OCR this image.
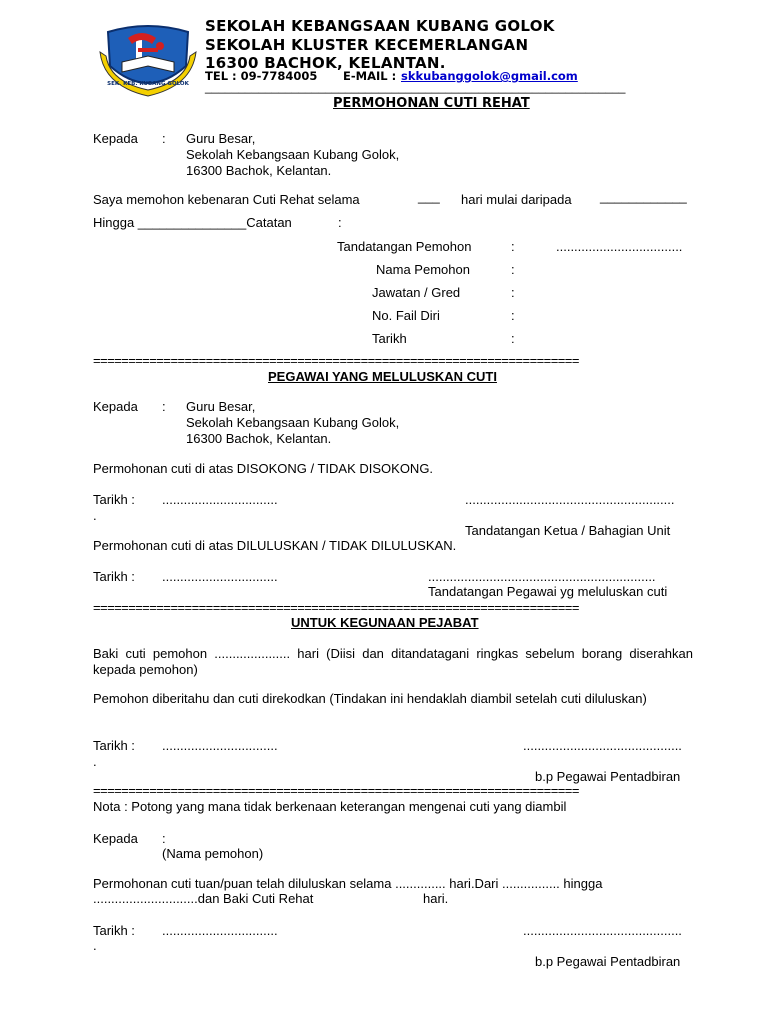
SEK. KEB. KUBANG GOLOK
SEKOLAH KEBANGSAAN KUBANG GOLOK
SEKOLAH KLUSTER KECEMERLANGAN
16300 BACHOK, KELANTAN.
TEL : 09-7784005 E-MAIL : skkubanggolok@gmail.com
_______________________________________________________________
PERMOHONAN CUTI REHAT
Kepada : Guru Besar,
Sekolah Kebangsaan Kubang Golok,
16300 Bachok, Kelantan.
Saya memohon kebenaran Cuti Rehat selama	___ hari mulai daripada ____________
Hingga _______________Catatan	:
Tandatangan Pemohon	:	...................................
Nama Pemohon	:
Jawatan / Gred	:
No. Fail Diri	:
Tarikh	:
=====================================================================
PEGAWAI YANG MELULUSKAN CUTI
Kepada : Guru Besar,
Sekolah Kebangsaan Kubang Golok,
16300 Bachok, Kelantan.
Permohonan cuti di atas DISOKONG / TIDAK DISOKONG.
Tarikh : ................................	..........................................................
.
Tandatangan Ketua / Bahagian Unit
Permohonan cuti di atas DILULUSKAN / TIDAK DILULUSKAN.
Tarikh : ................................	...............................................................
Tandatangan Pegawai yg meluluskan cuti
=====================================================================
UNTUK KEGUNAAN PEJABAT
Baki cuti pemohon ..................... hari (Diisi dan ditandatagani ringkas sebelum borang diserahkan kepada pemohon)
Pemohon diberitahu dan cuti direkodkan (Tindakan ini hendaklah diambil setelah cuti diluluskan)
Tarikh : ................................	............................................
.
b.p Pegawai Pentadbiran
=====================================================================
Nota : Potong yang mana tidak berkenaan keterangan mengenai cuti yang diambil
Kepada :
(Nama pemohon)
Permohonan cuti tuan/puan telah diluluskan selama .............. hari.Dari ................ hingga
.............................dan Baki Cuti Rehat	hari.
Tarikh : ................................	............................................
.
b.p Pegawai Pentadbiran
